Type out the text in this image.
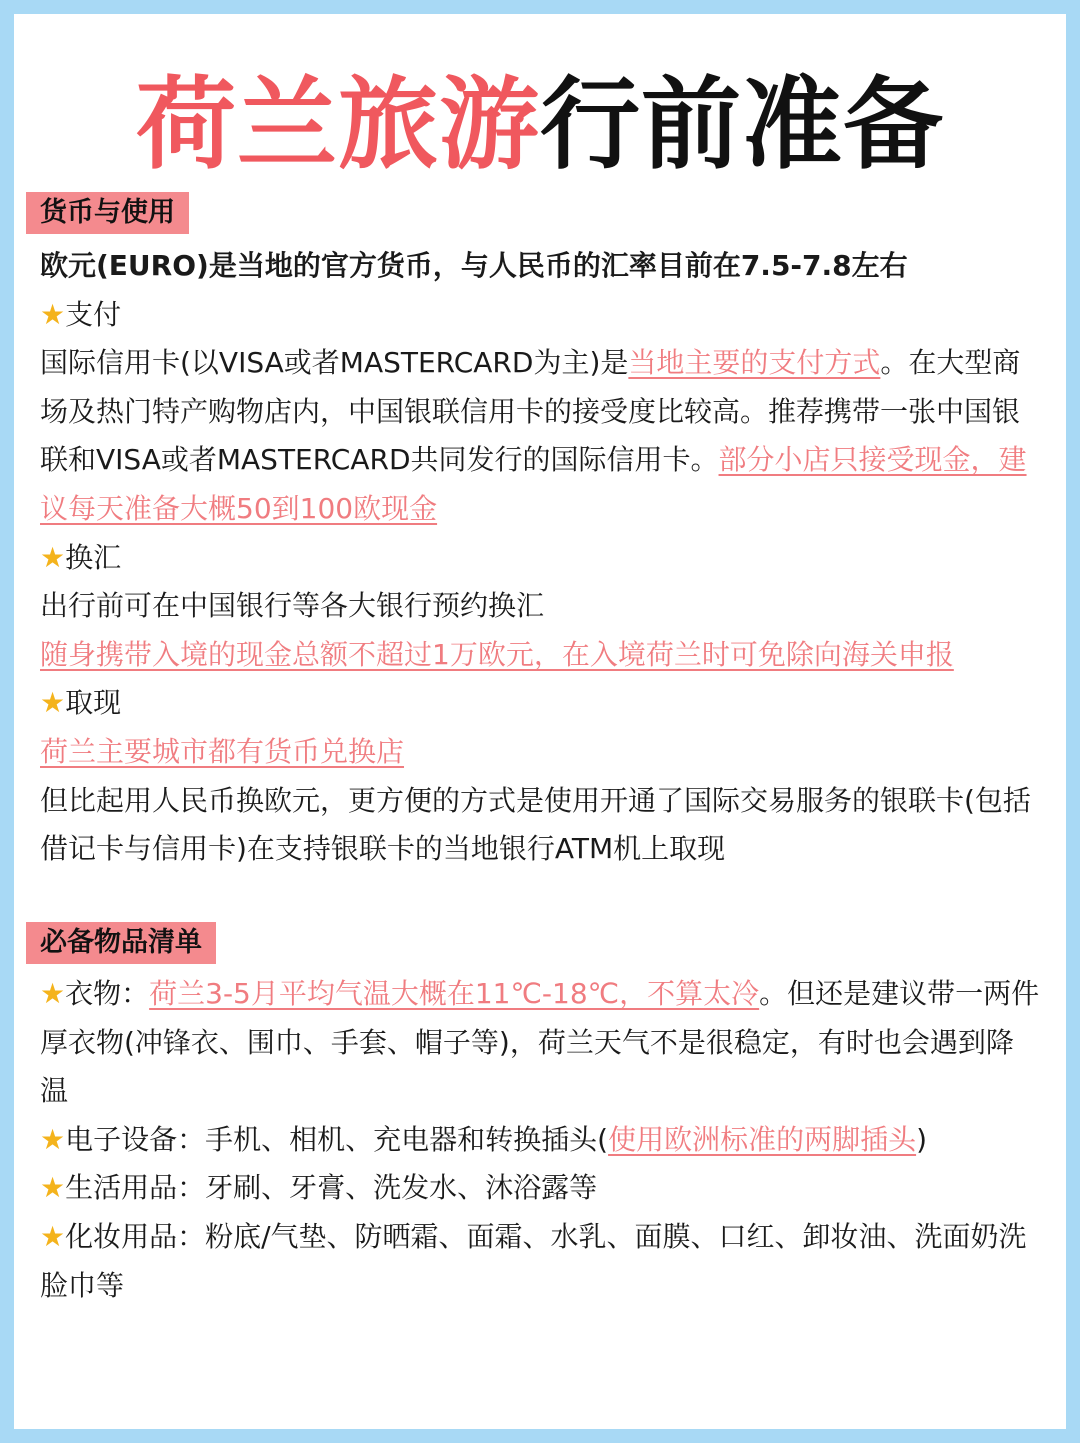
荷兰旅游行前准备
货币与使用

欧元(EURO)是当地的官方货币，与人民币的汇率目前在7.5-7.8左右

★支付

国际信用卡(以VISA或者MASTERCARD为主)是当地主要的支付方式。在大型商场及热门特产购物店内，中国银联信用卡的接受度比较高。推荐携带一张中国银联和VISA或者MASTERCARD共同发行的国际信用卡。部分小店只接受现金，建议每天准备大概50到100欧现金

★换汇

出行前可在中国银行等各大银行预约换汇

随身携带入境的现金总额不超过1万欧元，在入境荷兰时可免除向海关申报

★取现

荷兰主要城市都有货币兑换店

但比起用人民币换欧元，更方便的方式是使用开通了国际交易服务的银联卡(包括借记卡与信用卡)在支持银联卡的当地银行ATM机上取现

必备物品清单

★衣物：荷兰3-5月平均气温大概在11℃-18℃，不算太冷。但还是建议带一两件厚衣物(冲锋衣、围巾、手套、帽子等)，荷兰天气不是很稳定，有时也会遇到降温

★电子设备：手机、相机、充电器和转换插头(使用欧洲标准的两脚插头)

★生活用品：牙刷、牙膏、洗发水、沐浴露等

★化妆用品：粉底/气垫、防晒霜、面霜、水乳、面膜、口红、卸妆油、洗面奶洗脸巾等
